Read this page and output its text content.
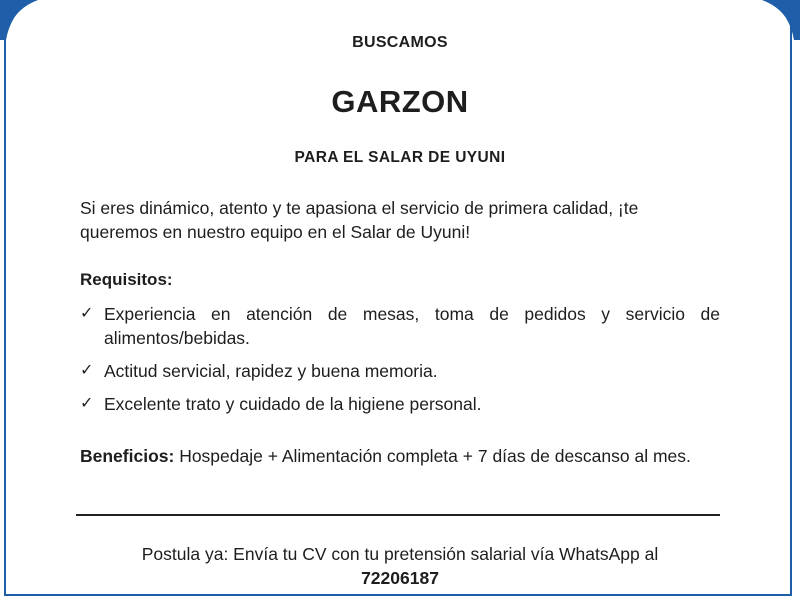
BUSCAMOS
GARZON
PARA EL SALAR DE UYUNI
Si eres dinámico, atento y te apasiona el servicio de primera calidad, ¡te queremos en nuestro equipo en el Salar de Uyuni!
Requisitos:
✓ Experiencia en atención de mesas, toma de pedidos y servicio de alimentos/bebidas.
✓ Actitud servicial, rapidez y buena memoria.
✓ Excelente trato y cuidado de la higiene personal.
Beneficios: Hospedaje + Alimentación completa + 7 días de descanso al mes.
Postula ya: Envía tu CV con tu pretensión salarial vía WhatsApp al
72206187
